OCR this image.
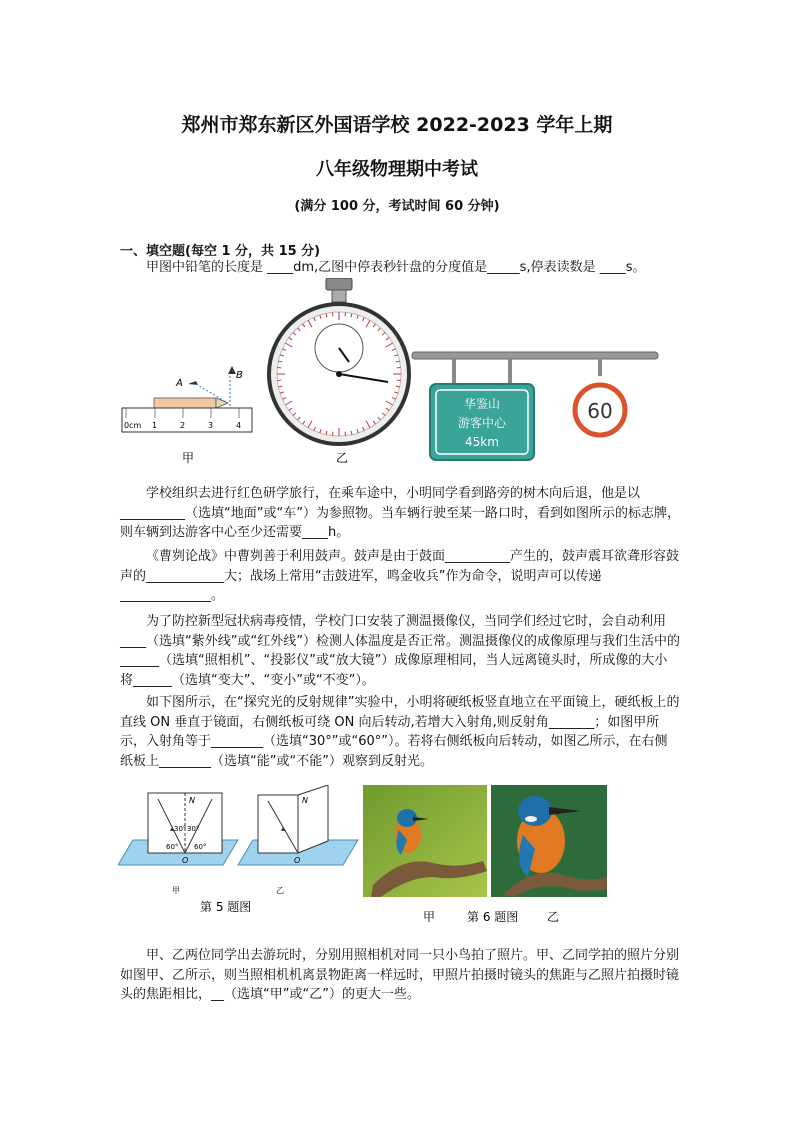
郑州市郑东新区外国语学校 2022-2023 学年上期
八年级物理期中考试
(满分 100 分，考试时间 60 分钟)
一、填空题(每空 1 分，共 15 分)
甲图中铅笔的长度是 ____dm,乙图中停表秒针盘的分度值是_____s,停表读数是 ____s。
0cm 1	2	3	4
A
B
华鉴山
游客中心
45km
60
甲	乙
学校组织去进行红色研学旅行，在乘车途中，小明同学看到路旁的树木向后退，他是以__________（选填“地面”或“车”）为参照物。当车辆行驶至某一路口时，看到如图所示的标志牌，则车辆到达游客中心至少还需要____h。
《曹刿论战》中曹刿善于利用鼓声。鼓声是由于鼓面__________产生的，鼓声震耳欲聋形容鼓声的____________大；战场上常用“击鼓进军，鸣金收兵”作为命令，说明声可以传递 ______________。
为了防控新型冠状病毒疫情，学校门口安装了测温摄像仪，当同学们经过它时，会自动利用____（选填“紫外线”或“红外线”）检测人体温度是否正常。测温摄像仪的成像原理与我们生活中的______（选填“照相机”、“投影仪”或“放大镜”）成像原理相同，当人远离镜头时，所成像的大小将______（选填“变大”、“变小”或“不变”）。
如下图所示，在“探究光的反射规律”实验中，小明将硬纸板竖直地立在平面镜上，硬纸板上的直线 ON 垂直于镜面，右侧纸板可绕 ON 向后转动,若增大入射角,则反射角_______；如图甲所示，入射角等于________（选填“30°”或“60°”）。若将右侧纸板向后转动，如图乙所示，在右侧纸板上________（选填“能”或“不能”）观察到反射光。
N
O
30° 30°
60° 60°
N
O
甲	乙
第 5 题图
甲	第 6 题图 乙
甲、乙两位同学出去游玩时，分别用照相机对同一只小鸟拍了照片。甲、乙同学拍的照片分别如图甲、乙所示，则当照相机机离景物距离一样远时，甲照片拍摄时镜头的焦距与乙照片拍摄时镜头的焦距相比，__（选填“甲”或“乙”）的更大一些。
